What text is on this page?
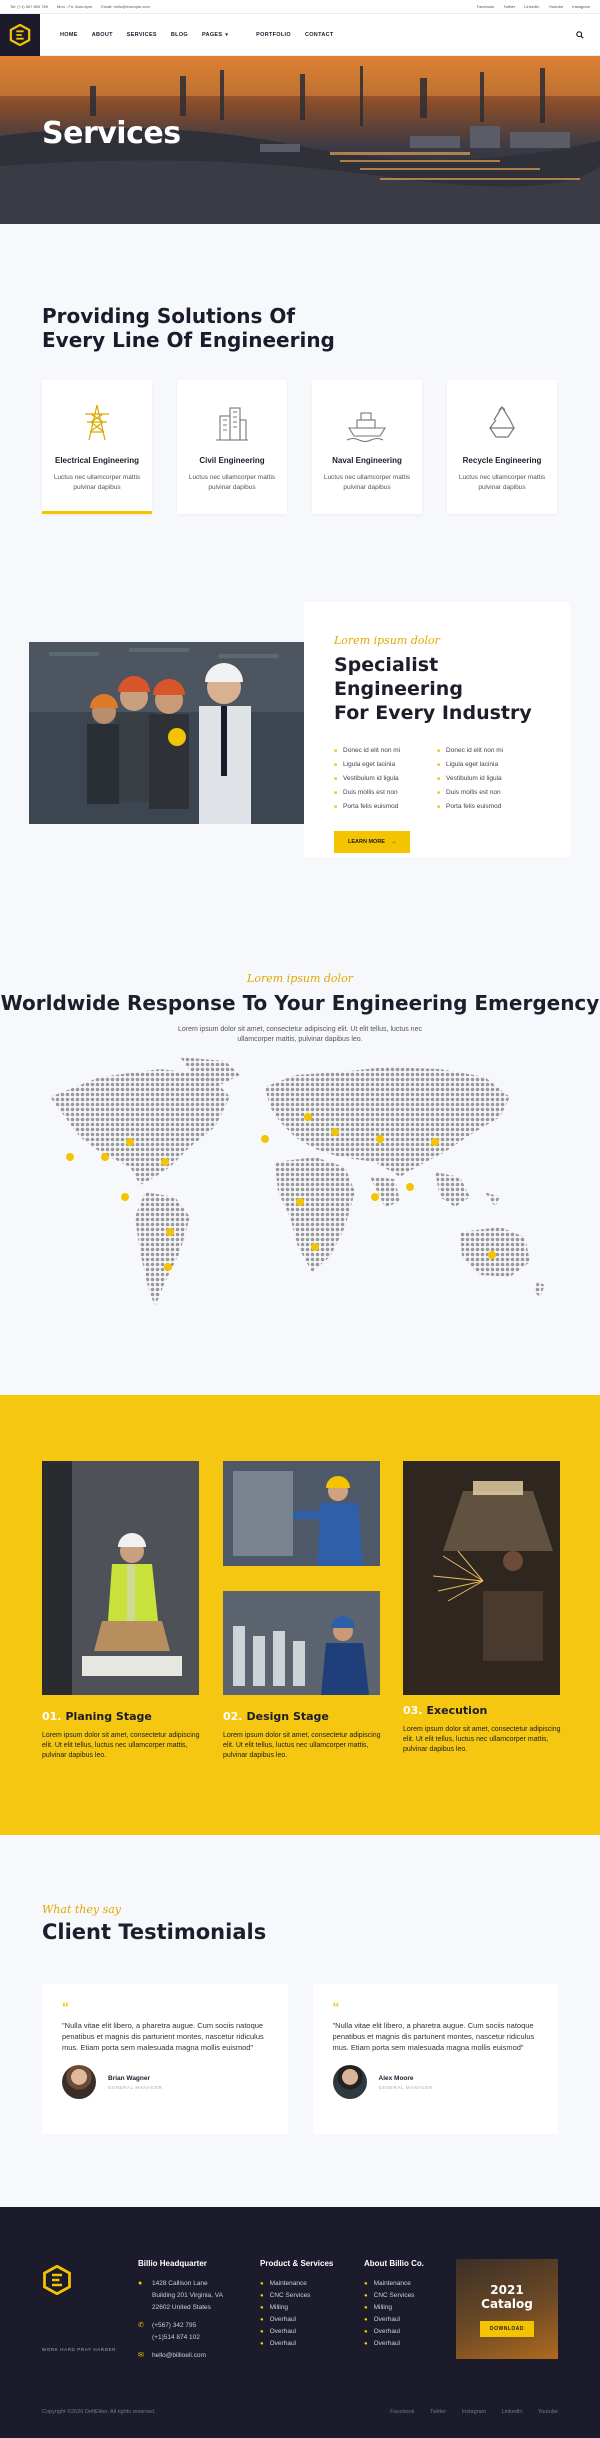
Tel: (+1) 567 890 789 Mon - Fri: 8am-6pm Email: hello@example.com	Facebook Twitter LinkedIn Youtube Instagram
HOME	ABOUT	SERVICES	BLOG	PAGES ▾	PORTFOLIO	CONTACT
Services
Providing Solutions Of
Every Line Of Engineering
Electrical Engineering
Luctus nec ullamcorper mattis pulvinar dapibus
Civil Engineering
Luctus nec ullamcorper mattis pulvinar dapibus
Naval Engineering
Luctus nec ullamcorper mattis pulvinar dapibus
Recycle Engineering
Luctus nec ullamcorper mattis pulvinar dapibus
Lorem ipsum dolor
Specialist Engineering
For Every Industry
■ Donec id elit non mi
■ Ligula eget lacinia
■ Vestibulum id ligula
■ Duis mollis est non
■ Porta felis euismod
■ Donec id elit non mi
■ Ligula eget lacinia
■ Vestibulum id ligula
■ Duis mollis est non
■ Porta felis euismod
LEARN MORE →
Lorem ipsum dolor
Worldwide Response To Your Engineering Emergency
Lorem ipsum dolor sit amet, consectetur adipiscing elit. Ut elit tellus, luctus nec ullamcorper mattis, pulvinar dapibus leo.
01. Planing Stage
Lorem ipsum dolor sit amet, consectetur adipiscing elit. Ut elit tellus, luctus nec ullamcorper mattis, pulvinar dapibus leo.
02. Design Stage
Lorem ipsum dolor sit amet, consectetur adipiscing elit. Ut elit tellus, luctus nec ullamcorper mattis, pulvinar dapibus leo.
03. Execution
Lorem ipsum dolor sit amet, consectetur adipiscing elit. Ut elit tellus, luctus nec ullamcorper mattis, pulvinar dapibus leo.
What they say
Client Testimonials
“
"Nulla vitae elit libero, a pharetra augue. Cum sociis natoque penatibus et magnis dis parturient montes, nascetur ridiculus mus. Etiam porta sem malesuada magna mollis euismod"
Brian Wagner
GENERAL MANAGER
“
"Nulla vitae elit libero, a pharetra augue. Cum sociis natoque penatibus et magnis dis parturient montes, nascetur ridiculus mus. Etiam porta sem malesuada magna mollis euismod"
Alex Moore
GENERAL MANAGER
WORK HARD PRAY HARDER
Billio Headquarter
●	1428 Callison Lane
Building 201 Virginia, VA
22602 United States
✆	(+567) 342 795
(+1)514 874 102
✉	hello@billioeli.com
Product & Services
● Maintenance
● CNC Services
● Milling
● Overhaul
● Overhaul
● Overhaul
About Billio Co.
● Maintenance
● CNC Services
● Milling
● Overhaul
● Overhaul
● Overhaul
2021
Catalog
DOWNLOAD
Copyright ©2020 DeftEliter. All rights reserved.	Facebook	Twitter	Instagram	LinkedIn	Youtube
